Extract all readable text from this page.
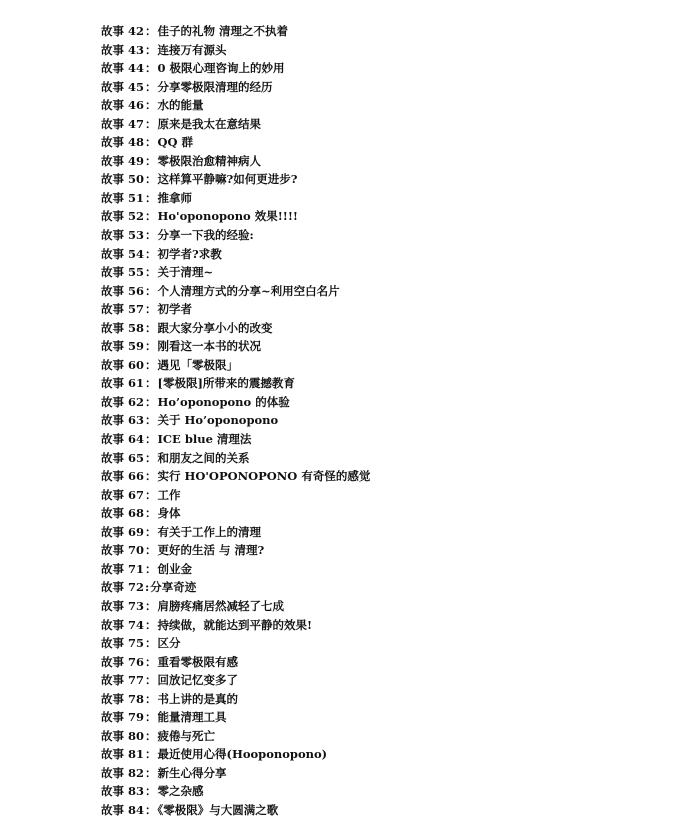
故事 42：佳子的礼物 清理之不执着
故事 43：连接万有源头
故事 44：0 极限心理咨询上的妙用
故事 45：分享零极限清理的经历
故事 46：水的能量
故事 47：原来是我太在意结果
故事 48：QQ 群
故事 49：零极限治愈精神病人
故事 50：这样算平静嘛?如何更进步?
故事 51：推拿师
故事 52：Ho'oponopono 效果!!!!
故事 53：分享一下我的经验:
故事 54：初学者?求教
故事 55：关于清理~
故事 56：个人清理方式的分享~利用空白名片
故事 57：初学者
故事 58：跟大家分享小小的改变
故事 59：刚看这一本书的状况
故事 60：遇见「零极限」
故事 61：[零极限]所带来的震撼教育
故事 62：Ho’oponopono 的体验
故事 63：关于 Ho’oponopono
故事 64：ICE blue 清理法
故事 65：和朋友之间的关系
故事 66：实行 HO'OPONOPONO 有奇怪的感觉
故事 67：工作
故事 68：身体
故事 69：有关于工作上的清理
故事 70：更好的生活 与 清理?
故事 71：创业金
故事 72:分享奇迹
故事 73：肩膀疼痛居然减轻了七成
故事 74：持续做，就能达到平静的效果!
故事 75：区分
故事 76：重看零极限有感
故事 77：回放记忆变多了
故事 78：书上讲的是真的
故事 79：能量清理工具
故事 80：疲倦与死亡
故事 81：最近使用心得(Hooponopono)
故事 82：新生心得分享
故事 83：零之杂感
故事 84：《零极限》与大圆满之歌
